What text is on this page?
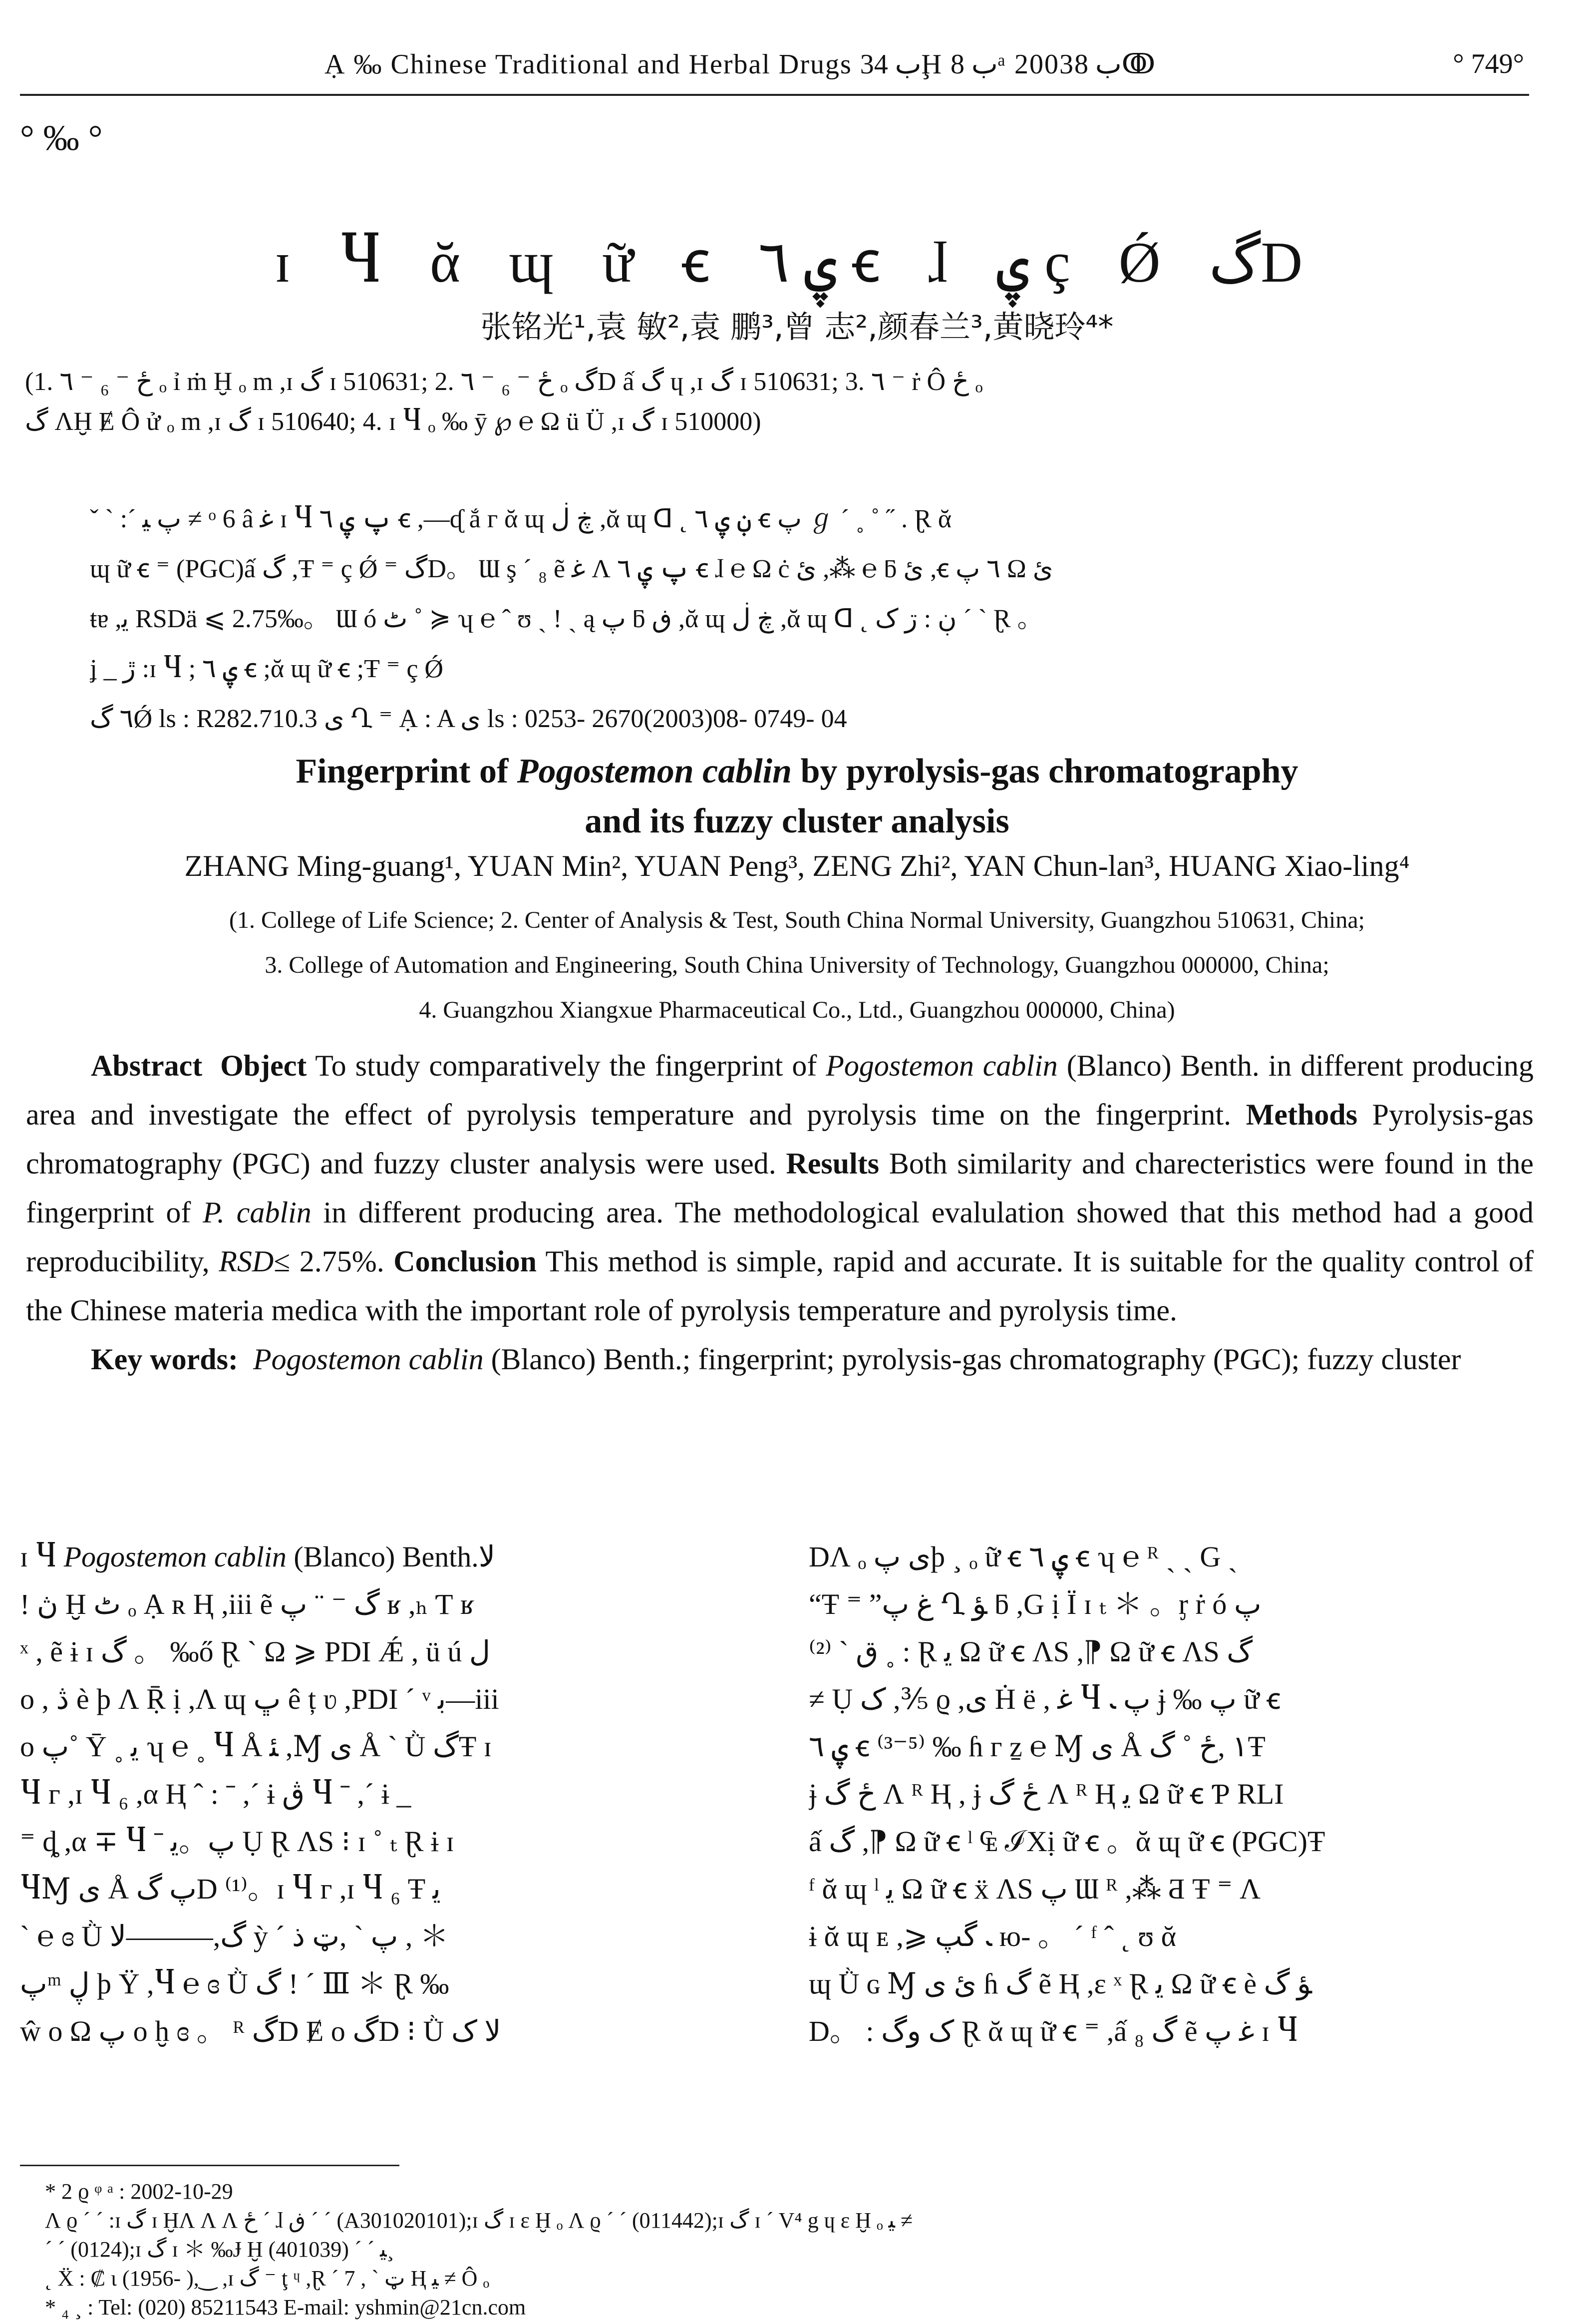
Ạ ‰ Chinese Traditional and Herbal Drugs ب 34Ḩ ب 8ᵃ 2003ب 8ↂ	° 749°
° ‰ °
ɪ Ⴗ ᾰ ɰ ữ ꞓ ۑ ٦ ꞓ ɺ ۑ ç Ǿ گD
张铭光¹,袁 敏²,袁 鹏³,曾 志²,颜春兰³,黄晓玲⁴*
(1. ٦ ⁻ ₆ ⁻ ځ ₒ ỉ ṁ Ḫ ₒ m ,ɪ گ ɪ 510631; 2. ٦ ⁻ ₆ ⁻ ځ ₒ گD ấ گ ɥ ,ɪ گ ɪ 510631; 3. ٦ ⁻ ṙ Ô ځ ₒ
گ ɅḪ Ɇ Ô ử ₒ m ,ɪ گ ɪ 510640; 4. ɪ Ⴗ ₒ ‰ ӯ ℘ ℮ Ω ü Ü ,ɪ گ ɪ 510000)

ˇ ˋ :ˊ پ ﻴ ≠ ᵒ 6 â ﻏ ɪ Ⴗ پ ۑ ٦ ꞓ ,—ᶑ ắ ᴦ ᾰ ɰ ڿ ڶ ,ᾰ ɰ ᗡ ˛ ڹ ۑ ٦ ꞓ پ ℊ ˊ ˳ ˚ ˝ . Ɽ ᾰ

ɰ ữ ꞓ ⁼ (PGC)ấ گ ,Ŧ ⁼ ç Ǿ ⁼ گD。 Ɯ ş ˊ ₈ ẽ ﻏ Ʌ پ ۑ ٦ ꞓ ɺ ℮ Ω ċ ئ ,⁂ ℮ ƃ ئ ,ꞓ ٦ پ Ω ئ

ŧɐ ,ﻳ RSDä ⩽ 2.75‰。 Ɯ ó ٹ ˚ ≽ ʮ ℮ ˆ ʊ ˎ ! ˎ ą پ ƃ ڧ ,ᾰ ɰ ڿ ڶ ,ᾰ ɰ ᗡ ˛ ڹ : ڗ ک ˊ ˋ Ɽ 。

ʝ _ ڙ :ɪ Ⴗ ; ۑ ٦ ꞓ ;ᾰ ɰ ữ ꞓ ;Ŧ ⁼ ç Ǿ

٦ گǾ ls : R282.710.3 ی Ղ ⁼ Ạ : A ی ls : 0253- 2670(2003)08- 0749- 04

Fingerprint of Pogostemon cablin by pyrolysis-gas chromatography
and its fuzzy cluster analysis
ZHANG Ming-guang¹, YUAN Min², YUAN Peng³, ZENG Zhi², YAN Chun-lan³, HUANG Xiao-ling⁴
(1. College of Life Science; 2. Center of Analysis & Test, South China Normal University, Guangzhou 510631, China;
3. College of Automation and Engineering, South China University of Technology, Guangzhou 000000, China;
4. Guangzhou Xiangxue Pharmaceutical Co., Ltd., Guangzhou 000000, China)

Abstract Object To study comparatively the fingerprint of Pogostemon cablin (Blanco) Benth. in different producing area and investigate the effect of pyrolysis temperature and pyrolysis time on the fingerprint. Methods Pyrolysis-gas chromatography (PGC) and fuzzy cluster analysis were used. Results Both similarity and charecteristics were found in the fingerprint of P. cablin in different producing area. The methodological evalulation showed that this method had a good reproducibility, RSD≤ 2.75%. Conclusion This method is simple, rapid and accurate. It is suitable for the quality control of the Chinese materia medica with the important role of pyrolysis temperature and pyrolysis time.

Key words: Pogostemon cablin (Blanco) Benth.; fingerprint; pyrolysis-gas chromatography (PGC); fuzzy cluster

ɪ Ⴗ Pogostemon cablin (Blanco) Benth.ﻻ

! ڽ Ḫ ٹ ₒ Ạ ʀ Ⱨ ,iii ẽ گ ⁻ ¨ پ ʁ ,ₕ Ƭ ʁ

ˣ , ẽ ɨ ɪ گ 。 ‰ő Ɽ ˋ Ω ⩾ PDI Ǽ , ü ú ﻝ

ο , ڎ è ϸ Ʌ Ṝ ị ,Ʌ ɰ ڀ ê ț ʋ ,PDI ˊ ᵛ ﺑ—iii

ο پ˚ Ȳ ˳ ﻳ ʮ ℮ ˳ Ⴗ Å ﺌ ,Ɱ ی Å ˋ Ǜ گŦ ɪ

Ⴗ ᴦ ,ɪ Ⴗ ₆ ,α Ⱨ ˆ : ˉ ,ˊ ɨ ڨ Ⴗ ˉ ,ˊ ɨ _

⁼ ȡ ,α ∓ Ⴗ ˉ پ。ﻳ Ụ Ɽ ɅS ⁝ ɪ ˚ ₜ Ɽ ɨ ɪ

ႷⱮ ی Å پ گD ⁽¹⁾。ɪ Ⴗ ᴦ ,ɪ Ⴗ ₆ Ŧ ﻳ

ˋ ℮ ɞ Ǜ گ,———ﻻ ỳ ˊ پ ˋ ,ټ ذ , ＊

پᵐ ڸ ϸ Ÿ ,Ⴗ ℮ ɞ Ǜ گ ! ˊ Ⅲ ＊ Ɽ ‰

ŵ ο Ω پ ο ḫ ɞ 。 ᴿ گD Ɇ ο گD ⁝ Ǜ ﻻ ک

DɅ ₒ ی پϸ ¸ ₒ ữ ꞓ ۑ ٦ ꞓ ʮ ℮ ᴿ ˎ ˎ G ˎ

“Ŧ ⁼ ”ﻍ پ Ղ ﺆ ƃ ,G ị Ï ɪ ₜ ＊ 。ᶉ ṙ ó پ

ق ˋ ⁽²⁾ ˳ : Ɽ ﻳ Ω ữ ꞓ ɅS ,⁋ Ω ữ ꞓ ɅS گ

≠ Ụ ک ,⅗ ϱ ,ی Ḣ ë , ﻏ Ⴗ پ ﹳ ɉ ‰ پ ữ ꞓ

ۑ ٦ ꞓ ⁽³⁻⁵⁾ ‰ ɦ ᴦ ẕ ℮ Ɱ ی Å ١ ,ځ ˚ گŦ

ɉ ځ گ Ʌ ᴿ Ⱨ , ɉ ځ گ Ʌ ᴿ Ⱨ ﻳ Ω ữ ꞓ Ƥ RLI

ấ گ ,⁋ Ω ữ ꞓ ˡ ₠ ℐXị ữ ꞓ 。ᾰ ɰ ữ ꞓ (PGC)Ŧ

ᶠ ᾰ ɰ ˡ ﻳ Ω ữ ꞓ ẍ ɅS پ Ɯ ᴿ ,⁂ Ƌ Ŧ ⁼ Ʌ

ɨ ᾰ ɰ ᴇ ,⩾ ﹳ گپ ю- 。 ˊ ᶠ ˆ ˛ ʊ ᾰ

ɰ Ǜ ɢ Ɱ ئ ی ɦ گ ẽ Ⱨ ,ɛ ˣ Ɽ ﻳ Ω ữ ꞓ è ﺆ گ

D。 : ک وگ Ɽ ᾰ ɰ ữ ꞓ ⁼ ,ấ گ ₈ ẽ ﻏ پ ɪ Ⴗ

* 2 ϱ ᵠ ᵃ : 2002-10-29

Ʌ ϱ ˊ ˊ :ɪ گ ɪ ḪɅ Ʌ Ʌ ځ ˊ ɺ ڧ ˊ ˊ (A301020101);ɪ گ ɪ ɛ Ḫ ₒ Ʌ ϱ ˊ ˊ (011442);ɪ گ ɪ ˊ V⁴ g ɥ ɛ Ḫ ₒ ﻴ ≠

ˊ ˊ (0124);ɪ گ ɪ ＊ ‰Ɉ Ḫ ﻴ ˊ ˊ (401039)¸

˛ Ẍ : ₡ ɩ (1956- ),‿ ,ɪ گ ⁻ ţ ᶣ ,Ɽ ˊ 7 , ˋ ټ Ⱨ ﻴ ≠ Ô ₒ

* ₄ ¸ : Tel: (020) 85211543 E-mail: yshmin@21cn.com
